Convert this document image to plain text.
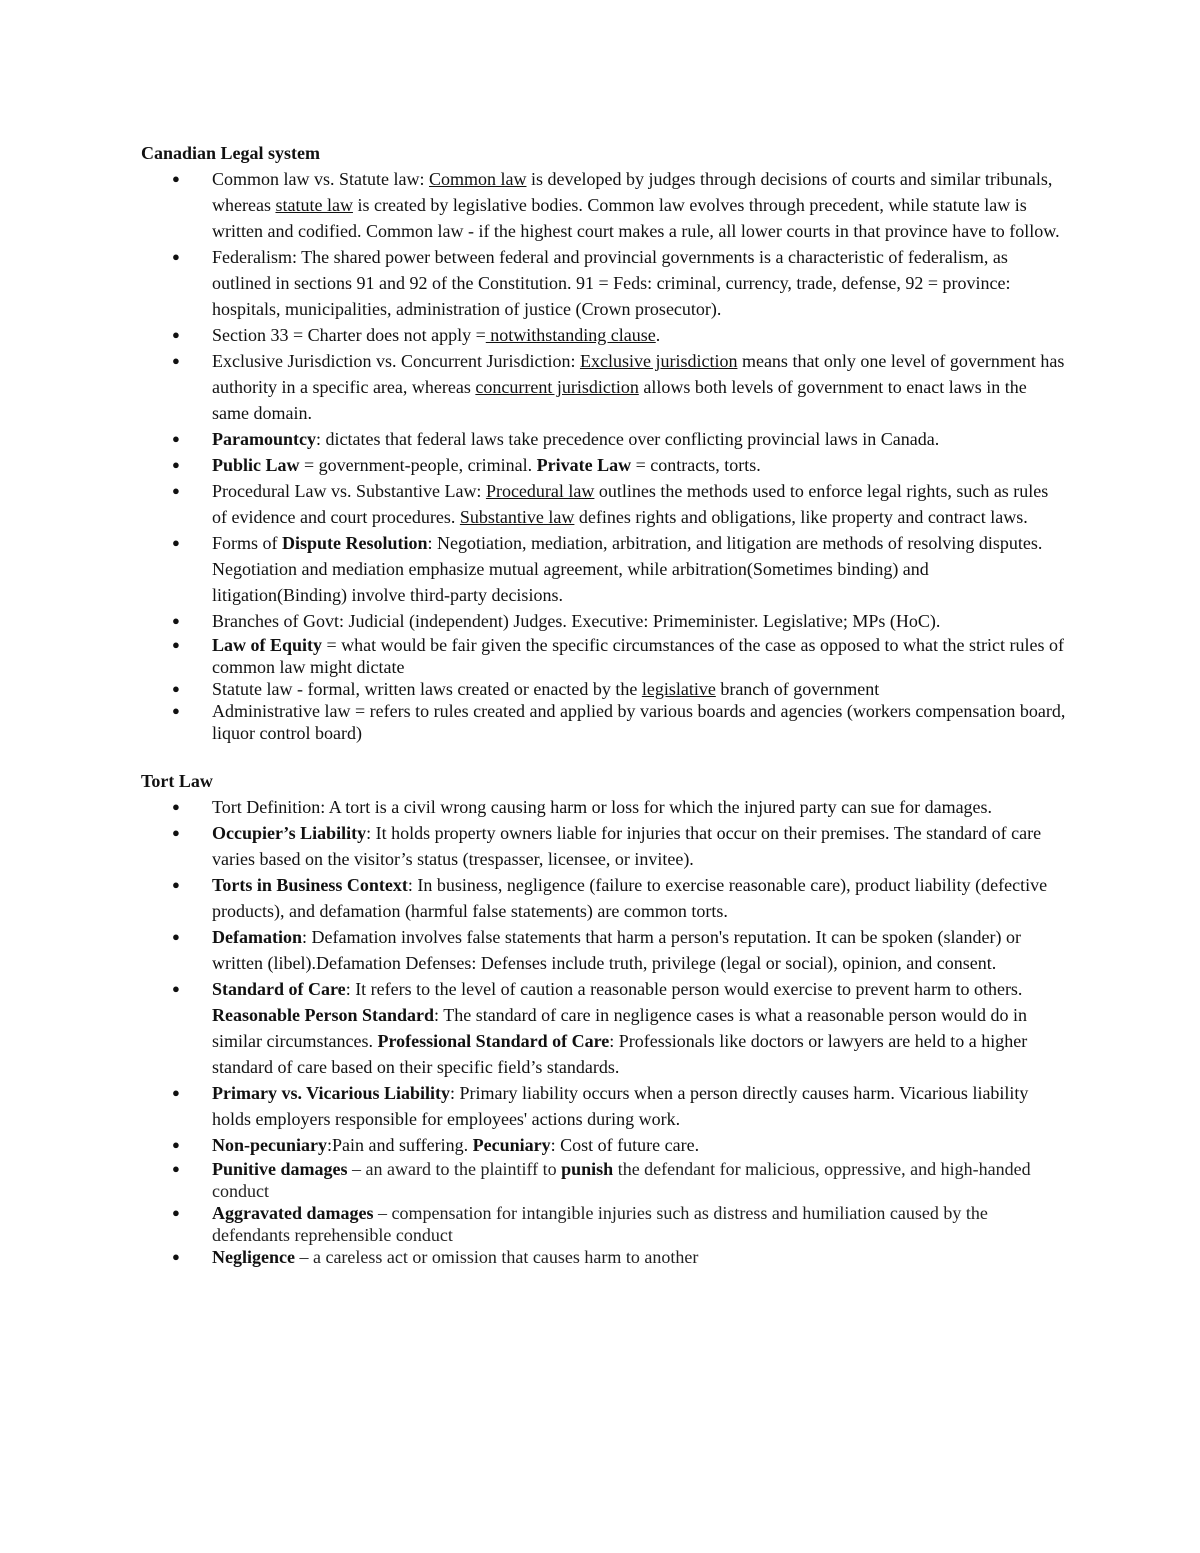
Canadian Legal system

● Common law vs. Statute law: Common law is developed by judges through decisions of courts and similar tribunals, whereas statute law is created by legislative bodies. Common law evolves through precedent, while statute law is written and codified. Common law - if the highest court makes a rule, all lower courts in that province have to follow.
● Federalism: The shared power between federal and provincial governments is a characteristic of federalism, as outlined in sections 91 and 92 of the Constitution. 91 = Feds: criminal, currency, trade, defense, 92 = province: hospitals, municipalities, administration of justice (Crown prosecutor).
● Section 33 = Charter does not apply = notwithstanding clause.
● Exclusive Jurisdiction vs. Concurrent Jurisdiction: Exclusive jurisdiction means that only one level of government has authority in a specific area, whereas concurrent jurisdiction allows both levels of government to enact laws in the same domain.
● Paramountcy: dictates that federal laws take precedence over conflicting provincial laws in Canada.
● Public Law = government-people, criminal. Private Law = contracts, torts.
● Procedural Law vs. Substantive Law: Procedural law outlines the methods used to enforce legal rights, such as rules of evidence and court procedures. Substantive law defines rights and obligations, like property and contract laws.
● Forms of Dispute Resolution: Negotiation, mediation, arbitration, and litigation are methods of resolving disputes. Negotiation and mediation emphasize mutual agreement, while arbitration(Sometimes binding) and litigation(Binding) involve third-party decisions.
● Branches of Govt: Judicial (independent) Judges. Executive: Primeminister. Legislative; MPs (HoC).
● Law of Equity = what would be fair given the specific circumstances of the case as opposed to what the strict rules of common law might dictate
● Statute law - formal, written laws created or enacted by the legislative branch of government
● Administrative law = refers to rules created and applied by various boards and agencies (workers compensation board, liquor control board)

Tort Law

● Tort Definition: A tort is a civil wrong causing harm or loss for which the injured party can sue for damages.
● Occupier’s Liability: It holds property owners liable for injuries that occur on their premises. The standard of care varies based on the visitor’s status (trespasser, licensee, or invitee).
● Torts in Business Context: In business, negligence (failure to exercise reasonable care), product liability (defective products), and defamation (harmful false statements) are common torts.
● Defamation: Defamation involves false statements that harm a person's reputation. It can be spoken (slander) or written (libel).Defamation Defenses: Defenses include truth, privilege (legal or social), opinion, and consent.
● Standard of Care: It refers to the level of caution a reasonable person would exercise to prevent harm to others. Reasonable Person Standard: The standard of care in negligence cases is what a reasonable person would do in similar circumstances. Professional Standard of Care: Professionals like doctors or lawyers are held to a higher standard of care based on their specific field’s standards.
● Primary vs. Vicarious Liability: Primary liability occurs when a person directly causes harm. Vicarious liability holds employers responsible for employees' actions during work.
● Non-pecuniary:Pain and suffering. Pecuniary: Cost of future care.
● Punitive damages – an award to the plaintiff to punish the defendant for malicious, oppressive, and high-handed conduct
● Aggravated damages – compensation for intangible injuries such as distress and humiliation caused by the defendants reprehensible conduct
● Negligence – a careless act or omission that causes harm to another
